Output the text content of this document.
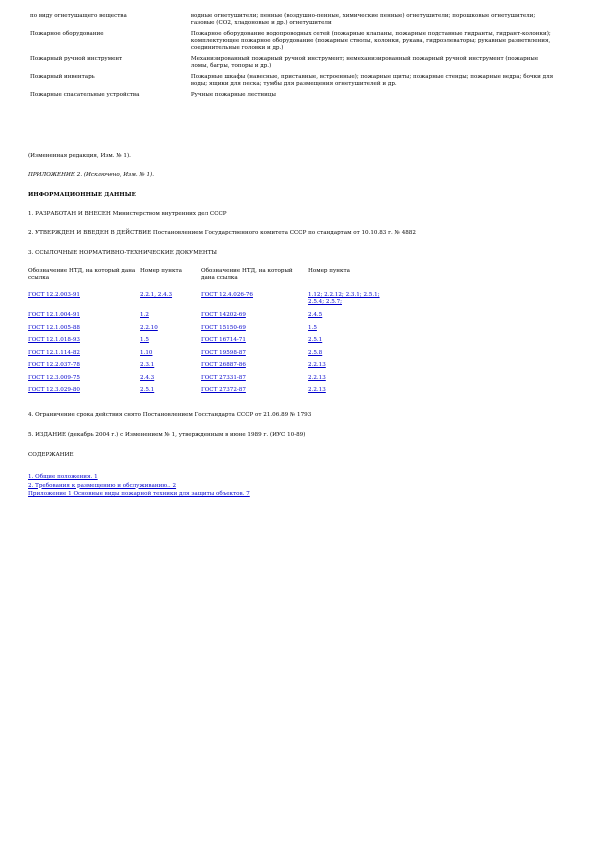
по виду огнетушащего вещества	водные огнетушители; пенные (воздушно-пенные, химические пенные) огнетушители; порошковые огнетушители; газовые (CO2, хладоновые и др.) огнетушители
Пожарное оборудование	Пожарное оборудование водопроводных сетей (пожарные клапаны, пожарные подставные гидранты, гидрант-колонки); комплектующее пожарное оборудование (пожарные стволы, колонки, рукава, гидроэлеваторы; рукавные разветвления, соединительные головки и др.)
Пожарный ручной инструмент	Механизированный пожарный ручной инструмент; немеханизированный пожарный ручной инструмент (пожарные ломы, багры, топоры и др.)
Пожарный инвентарь	Пожарные шкафы (навесные, приставные, встроенные); пожарные щиты; пожарные стенды; пожарные ведра; бочки для воды; ящики для песка; тумбы для размещения огнетушителей и др.
Пожарные спасательные устройства	Ручные пожарные лестницы
(Измененная редакция, Изм. № 1).
ПРИЛОЖЕНИЕ 2. (Исключено, Изм. № 1).
ИНФОРМАЦИОННЫЕ ДАННЫЕ
1. РАЗРАБОТАН И ВНЕСЕН Министерством внутренних дел СССР
2. УТВЕРЖДЕН И ВВЕДЕН В ДЕЙСТВИЕ Постановлением Государственного комитета СССР по стандартам от 10.10.83 г. № 4882
3. ССЫЛОЧНЫЕ НОРМАТИВНО-ТЕХНИЧЕСКИЕ ДОКУМЕНТЫ
Обозначение НТД, на который дана ссылка	Номер пункта	Обозначение НТД, на который дана ссылка	Номер пункта
ГОСТ 12.2.003-91	2.2.1, 2.4.3	ГОСТ 12.4.026-76	1.12; 2.2.12; 2.3.1; 2.5.1;
2.5.4; 2.5.7;
ГОСТ 12.1.004-91	1.2	ГОСТ 14202-69	2.4.5
ГОСТ 12.1.005-88	2.2.10	ГОСТ 15150-69	1.5
ГОСТ 12.1.018-93	1.5	ГОСТ 16714-71	2.5.1
ГОСТ 12.1.114-82	1.10	ГОСТ 19598-87	2.5.8
ГОСТ 12.2.037-78	2.3.1	ГОСТ 26887-86	2.2.13
ГОСТ 12.3.009-75	2.4.3	ГОСТ 27331-87	2.2.13
ГОСТ 12.3.029-80	2.5.1	ГОСТ 27372-87	2.2.13
4. Ограничение срока действия снято Постановлением Госстандарта СССР от 21.06.89 № 1793
5. ИЗДАНИЕ (декабрь 2004 г.) с Изменением № 1, утвержденным в июне 1989 г. (ИУС 10-89)
СОДЕРЖАНИЕ
1. Общие положения. 1
2. Требования к размещению и обслуживанию.. 2
Приложение 1 Основные виды пожарной техники для защиты объектов. 7
